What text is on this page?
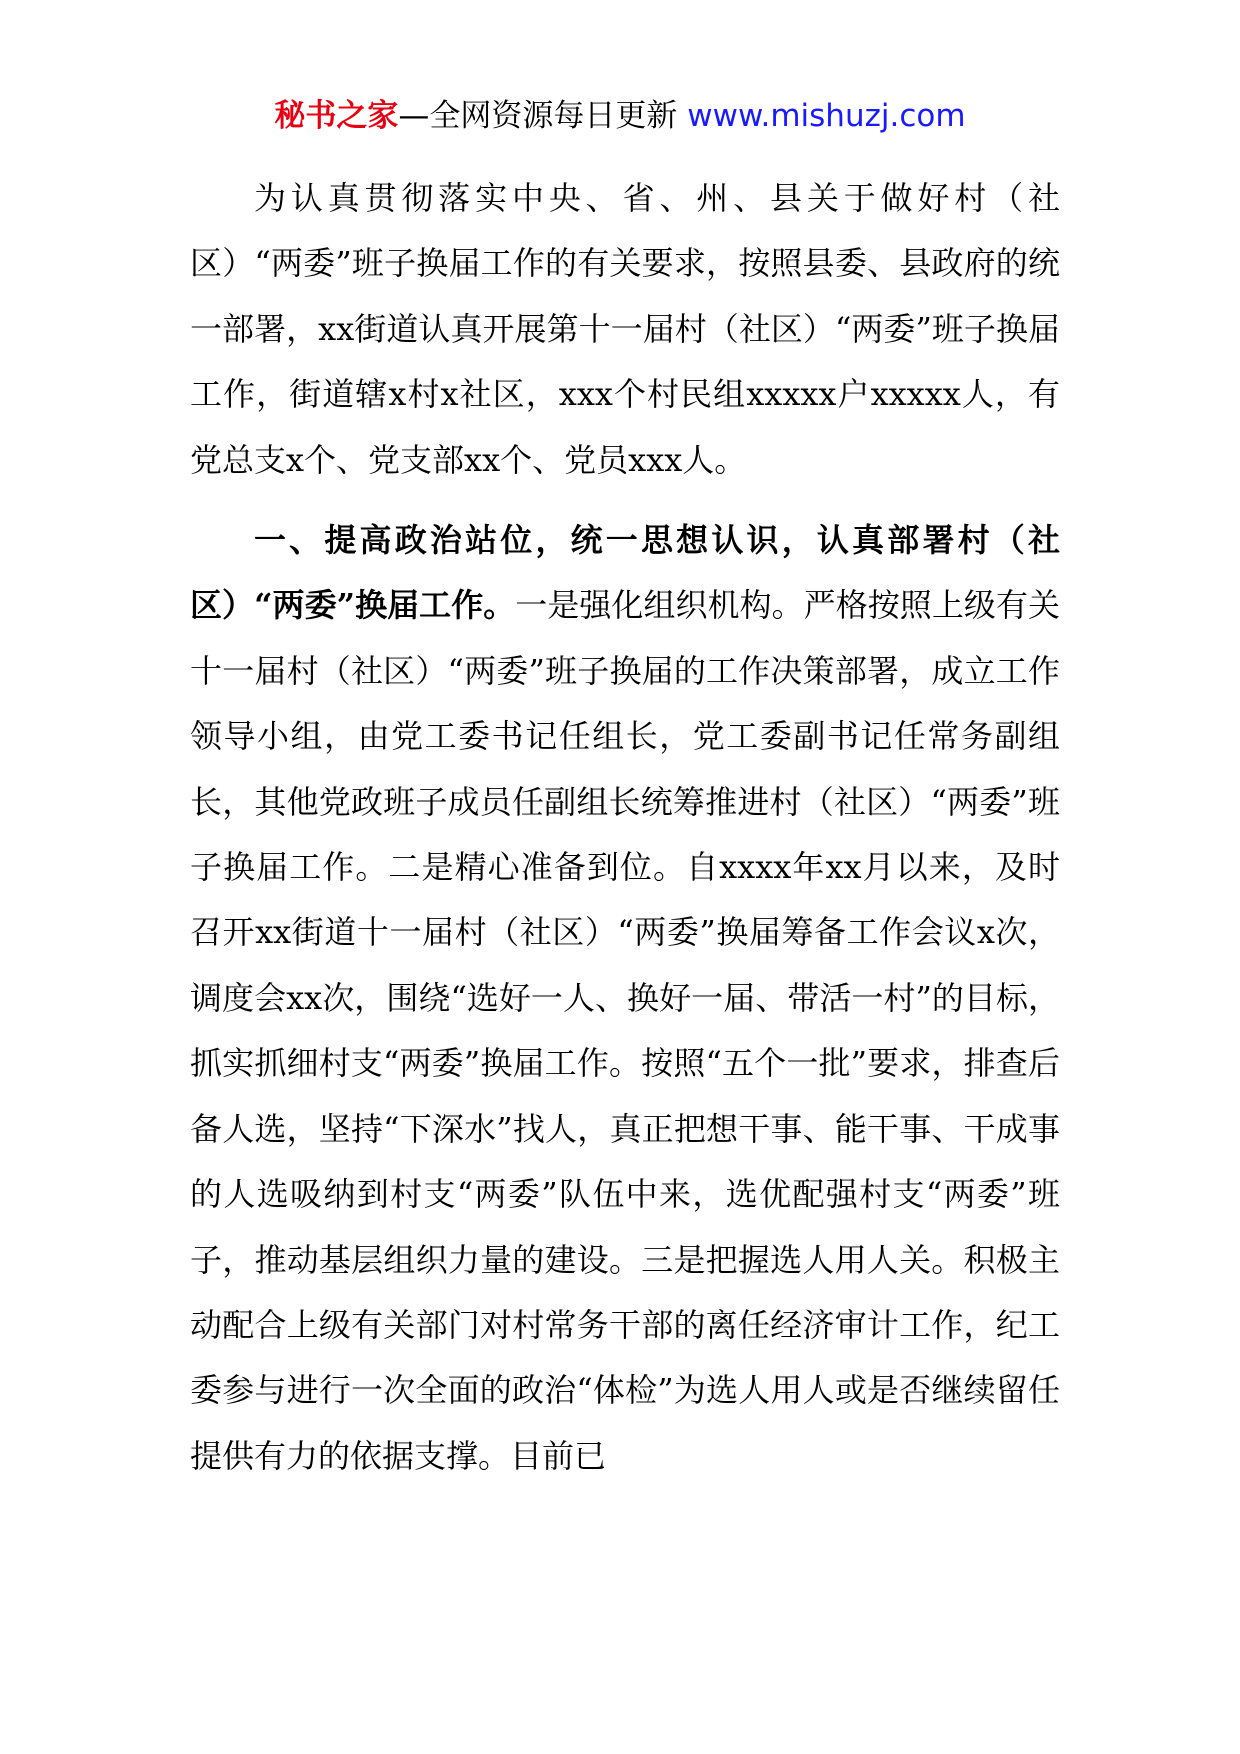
秘书之家—全网资源每日更新 www.mishuzj.com

为认真贯彻落实中央、省、州、县关于做好村（社区）“两委”班子换届工作的有关要求，按照县委、县政府的统一部署，xx街道认真开展第十一届村（社区）“两委”班子换届工作，街道辖x村x社区，xxx个村民组xxxxx户xxxxx人，有党总支x个、党支部xx个、党员xxx人。

一、提高政治站位，统一思想认识，认真部署村（社区）“两委”换届工作。一是强化组织机构。严格按照上级有关十一届村（社区）“两委”班子换届的工作决策部署，成立工作领导小组，由党工委书记任组长，党工委副书记任常务副组长，其他党政班子成员任副组长统筹推进村（社区）“两委”班子换届工作。二是精心准备到位。自xxxx年xx月以来，及时召开xx街道十一届村（社区）“两委”换届筹备工作会议x次，调度会xx次，围绕“选好一人、换好一届、带活一村”的目标，抓实抓细村支“两委”换届工作。按照“五个一批”要求，排查后备人选，坚持“下深水”找人，真正把想干事、能干事、干成事的人选吸纳到村支“两委”队伍中来，选优配强村支“两委”班子，推动基层组织力量的建设。三是把握选人用人关。积极主动配合上级有关部门对村常务干部的离任经济审计工作，纪工委参与进行一次全面的政治“体检”为选人用人或是否继续留任提供有力的依据支撑。目前已
